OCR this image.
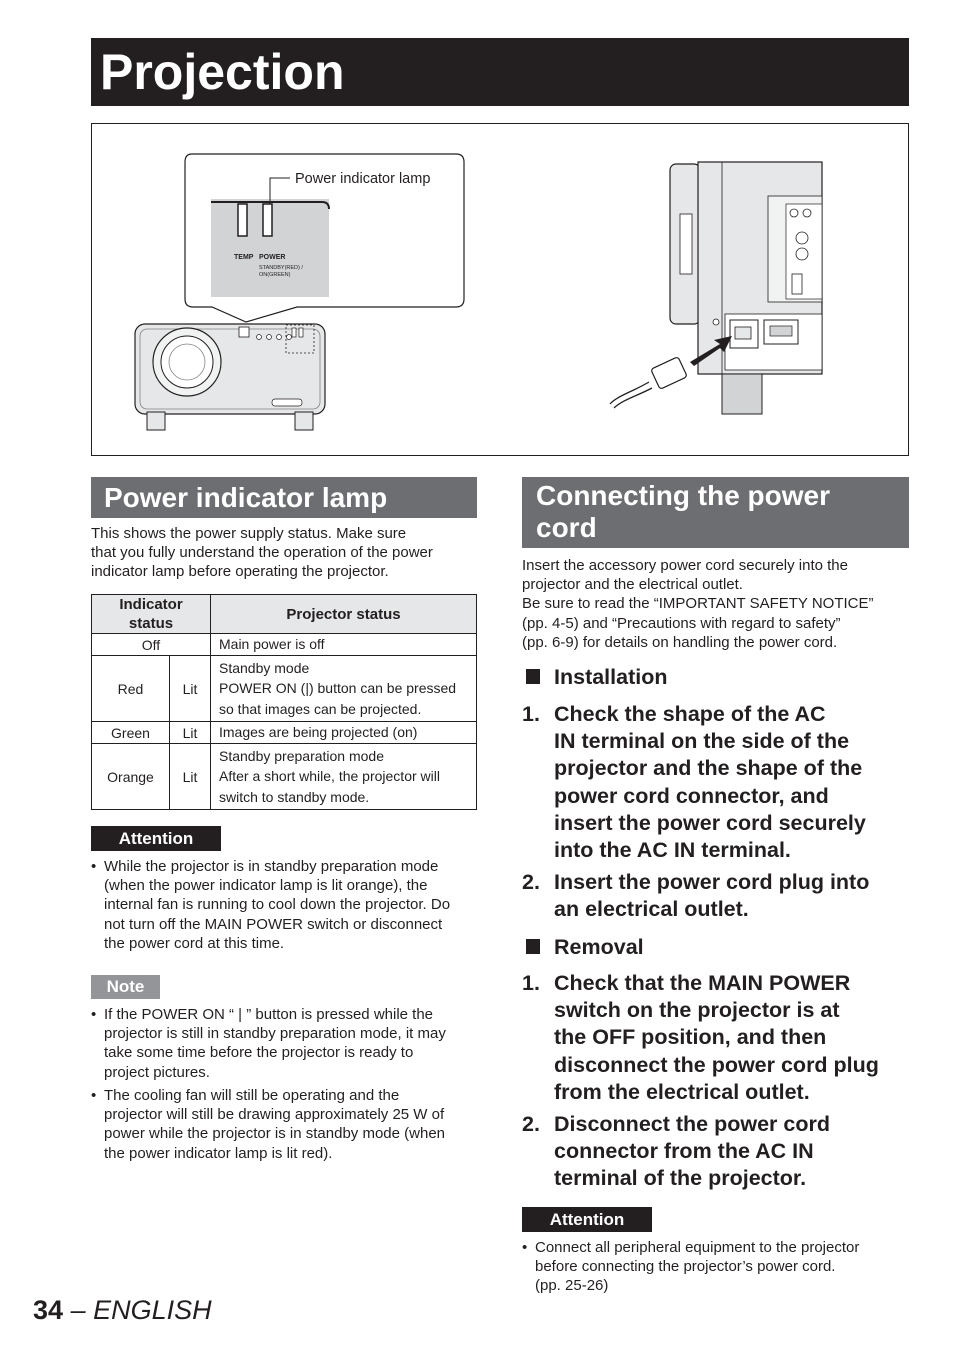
Projection
TEMP POWER
STANDBY(RED) /
ON(GREEN)
Power indicator lamp
Power indicator lamp
This shows the power supply status. Make sure
that you fully understand the operation of the power
indicator lamp before operating the projector.
Indicator
status		Projector status
Off		Main power is off
Red	Lit	Standby mode
POWER ON (|) button can be pressed
so that images can be projected.

Green	Lit	Images are being projected (on)
Orange	Lit	Standby preparation mode
After a short while, the projector will
switch to standby mode.
Attention
• While the projector is in standby preparation mode
(when the power indicator lamp is lit orange), the
internal fan is running to cool down the projector. Do
not turn off the MAIN POWER switch or disconnect
the power cord at this time.
Note
• If the POWER ON “ | ” button is pressed while the
projector is still in standby preparation mode, it may
take some time before the projector is ready to
project pictures.
• The cooling fan will still be operating and the
projector will still be drawing approximately 25 W of
power while the projector is in standby mode (when
the power indicator lamp is lit red).
Connecting the power
cord
Insert the accessory power cord securely into the
projector and the electrical outlet.
Be sure to read the “IMPORTANT SAFETY NOTICE”
(pp. 4-5) and “Precautions with regard to safety”
(pp. 6-9) for details on handling the power cord.
Installation
1. Check the shape of the AC
IN terminal on the side of the
projector and the shape of the
power cord connector, and
insert the power cord securely
into the AC IN terminal.
2. Insert the power cord plug into
an electrical outlet.
Removal
1. Check that the MAIN POWER
switch on the projector is at
the OFF position, and then
disconnect the power cord plug
from the electrical outlet.
2. Disconnect the power cord
connector from the AC IN
terminal of the projector.
Attention
• Connect all peripheral equipment to the projector
before connecting the projector’s power cord.
(pp. 25-26)
34 – ENGLISH
